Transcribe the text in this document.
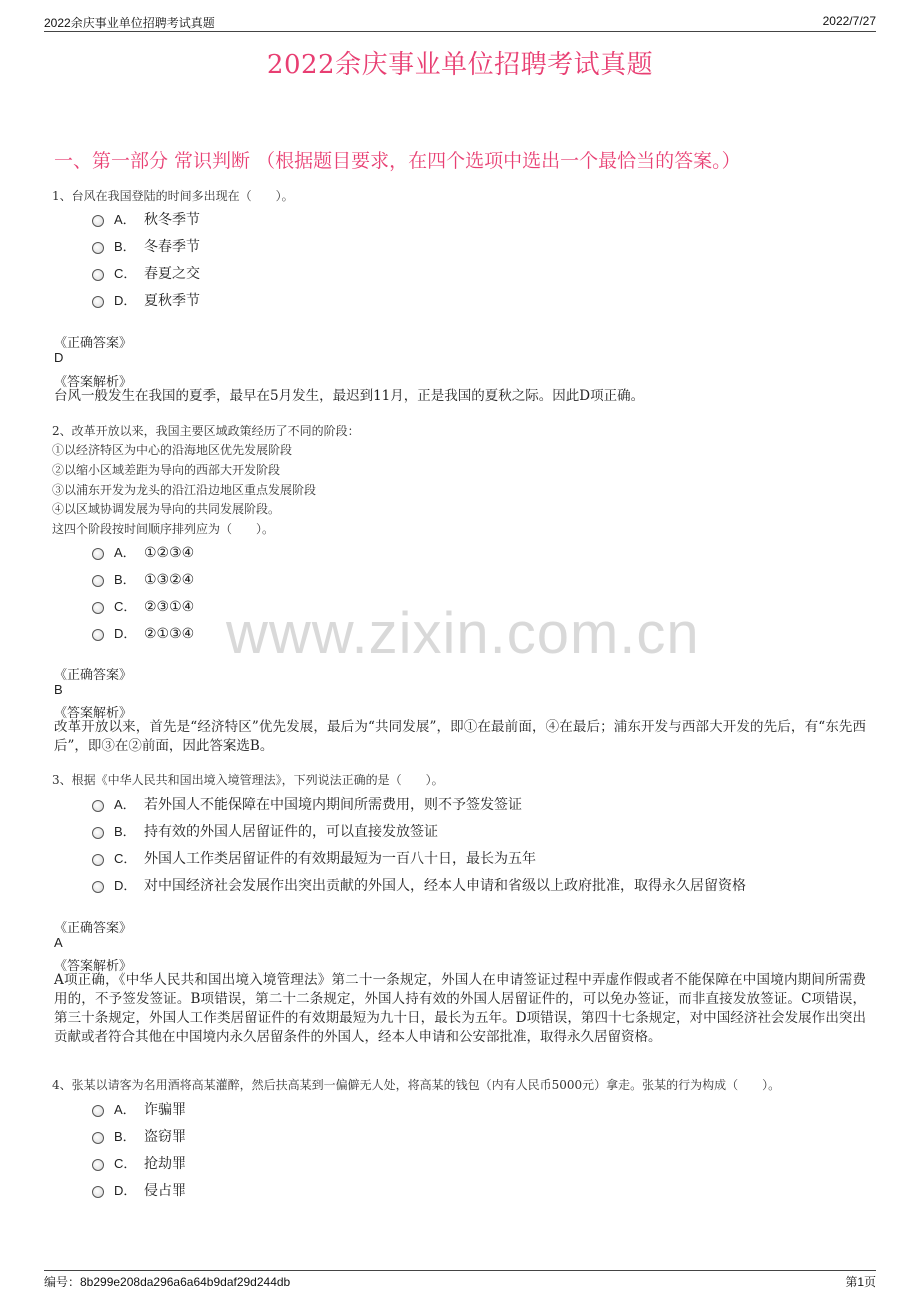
2022余庆事业单位招聘考试真题	2022/7/27
2022余庆事业单位招聘考试真题
一、第一部分 常识判断 （根据题目要求，在四个选项中选出一个最恰当的答案。）
www.zixin.com.cn
1、台风在我国登陆的时间多出现在（　　）。
A． 秋冬季节
B． 冬春季节
C． 春夏之交
D． 夏秋季节
《正确答案》
D
《答案解析》
台风一般发生在我国的夏季，最早在5月发生，最迟到11月，正是我国的夏秋之际。因此D项正确。
2、改革开放以来，我国主要区域政策经历了不同的阶段：
①以经济特区为中心的沿海地区优先发展阶段
②以缩小区域差距为导向的西部大开发阶段
③以浦东开发为龙头的沿江沿边地区重点发展阶段
④以区域协调发展为导向的共同发展阶段。
这四个阶段按时间顺序排列应为（　　）。
A． ①②③④
B． ①③②④
C． ②③①④
D． ②①③④
《正确答案》
B
《答案解析》
改革开放以来，首先是“经济特区”优先发展，最后为“共同发展”，即①在最前面，④在最后；浦东开发与西部大开发的先后，有“东先西后”，即③在②前面，因此答案选B。
3、根据《中华人民共和国出境入境管理法》，下列说法正确的是（　　）。
A． 若外国人不能保障在中国境内期间所需费用，则不予签发签证
B． 持有效的外国人居留证件的，可以直接发放签证
C． 外国人工作类居留证件的有效期最短为一百八十日，最长为五年
D． 对中国经济社会发展作出突出贡献的外国人，经本人申请和省级以上政府批准，取得永久居留资格
《正确答案》
A
《答案解析》
A项正确，《中华人民共和国出境入境管理法》第二十一条规定，外国人在申请签证过程中弄虚作假或者不能保障在中国境内期间所需费用的，不予签发签证。B项错误，第二十二条规定，外国人持有效的外国人居留证件的，可以免办签证，而非直接发放签证。C项错误，第三十条规定，外国人工作类居留证件的有效期最短为九十日，最长为五年。D项错误，第四十七条规定，对中国经济社会发展作出突出贡献或者符合其他在中国境内永久居留条件的外国人，经本人申请和公安部批准，取得永久居留资格。
4、张某以请客为名用酒将高某灌醉，然后扶高某到一偏僻无人处，将高某的钱包（内有人民币5000元）拿走。张某的行为构成（　　）。
A． 诈骗罪
B． 盗窃罪
C． 抢劫罪
D． 侵占罪
编号：8b299e208da296a6a64b9daf29d244db	第1页
